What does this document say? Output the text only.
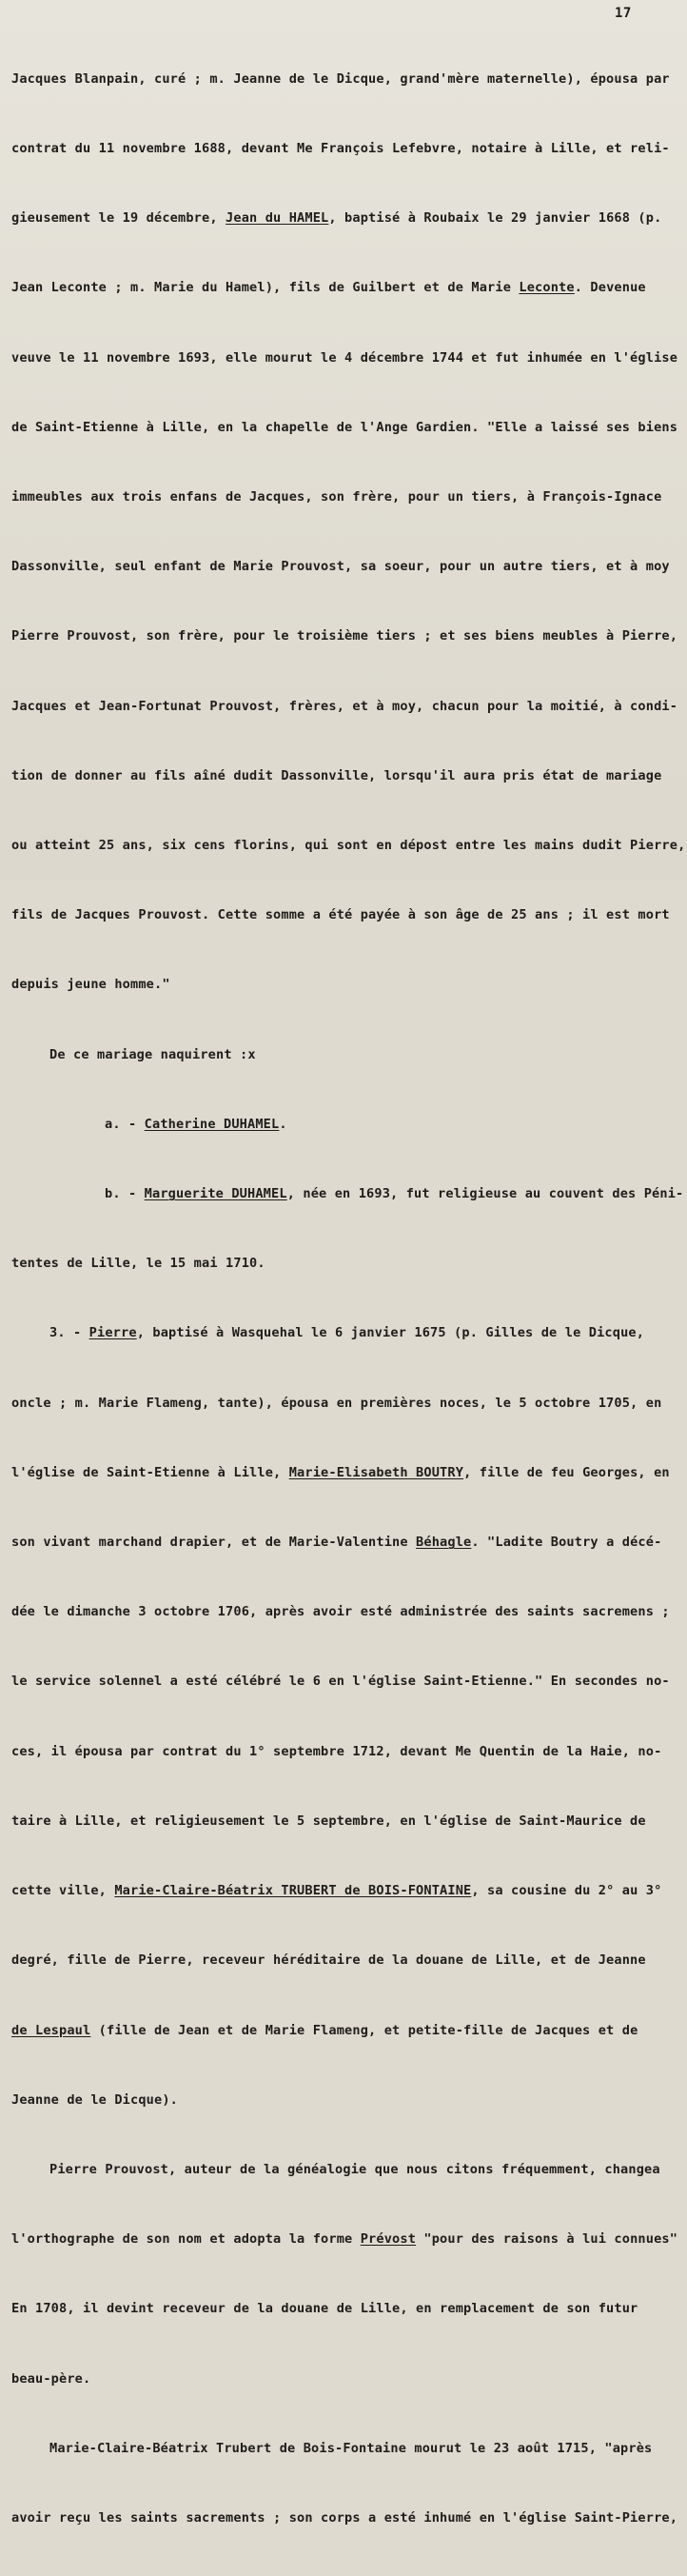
17

Jacques Blanpain, curé ; m. Jeanne de le Dicque, grand'mère maternelle), épousa par

contrat du 11 novembre 1688, devant Me François Lefebvre, notaire à Lille, et reli-

gieusement le 19 décembre, Jean du HAMEL, baptisé à Roubaix le 29 janvier 1668 (p.

Jean Leconte ; m. Marie du Hamel), fils de Guilbert et de Marie Leconte. Devenue

veuve le 11 novembre 1693, elle mourut le 4 décembre 1744 et fut inhumée en l'église

de Saint-Etienne à Lille, en la chapelle de l'Ange Gardien. "Elle a laissé ses biens

immeubles aux trois enfans de Jacques, son frère, pour un tiers, à François-Ignace

Dassonville, seul enfant de Marie Prouvost, sa soeur, pour un autre tiers, et à moy

Pierre Prouvost, son frère, pour le troisième tiers ; et ses biens meubles à Pierre,

Jacques et Jean-Fortunat Prouvost, frères, et à moy, chacun pour la moitié, à condi-

tion de donner au fils aîné dudit Dassonville, lorsqu'il aura pris état de mariage

ou atteint 25 ans, six cens florins, qui sont en dépost entre les mains dudit Pierre,

fils de Jacques Prouvost. Cette somme a été payée à son âge de 25 ans ; il est mort

depuis jeune homme."

De ce mariage naquirent :x

a. - Catherine DUHAMEL.

b. - Marguerite DUHAMEL, née en 1693, fut religieuse au couvent des Péni-

tentes de Lille, le 15 mai 1710.

3. - Pierre, baptisé à Wasquehal le 6 janvier 1675 (p. Gilles de le Dicque,

oncle ; m. Marie Flameng, tante), épousa en premières noces, le 5 octobre 1705, en

l'église de Saint-Etienne à Lille, Marie-Elisabeth BOUTRY, fille de feu Georges, en

son vivant marchand drapier, et de Marie-Valentine Béhagle. "Ladite Boutry a décé-

dée le dimanche 3 octobre 1706, après avoir esté administrée des saints sacremens ;

le service solennel a esté célébré le 6 en l'église Saint-Etienne." En secondes no-

ces, il épousa par contrat du 1° septembre 1712, devant Me Quentin de la Haie, no-

taire à Lille, et religieusement le 5 septembre, en l'église de Saint-Maurice de

cette ville, Marie-Claire-Béatrix TRUBERT de BOIS-FONTAINE, sa cousine du 2° au 3°

degré, fille de Pierre, receveur héréditaire de la douane de Lille, et de Jeanne

de Lespaul (fille de Jean et de Marie Flameng, et petite-fille de Jacques et de

Jeanne de le Dicque).

Pierre Prouvost, auteur de la généalogie que nous citons fréquemment, changea

l'orthographe de son nom et adopta la forme Prévost "pour des raisons à lui connues"

En 1708, il devint receveur de la douane de Lille, en remplacement de son futur

beau-père.

Marie-Claire-Béatrix Trubert de Bois-Fontaine mourut le 23 août 1715, "après

avoir reçu les saints sacrements ; son corps a esté inhumé en l'église Saint-Pierre,
